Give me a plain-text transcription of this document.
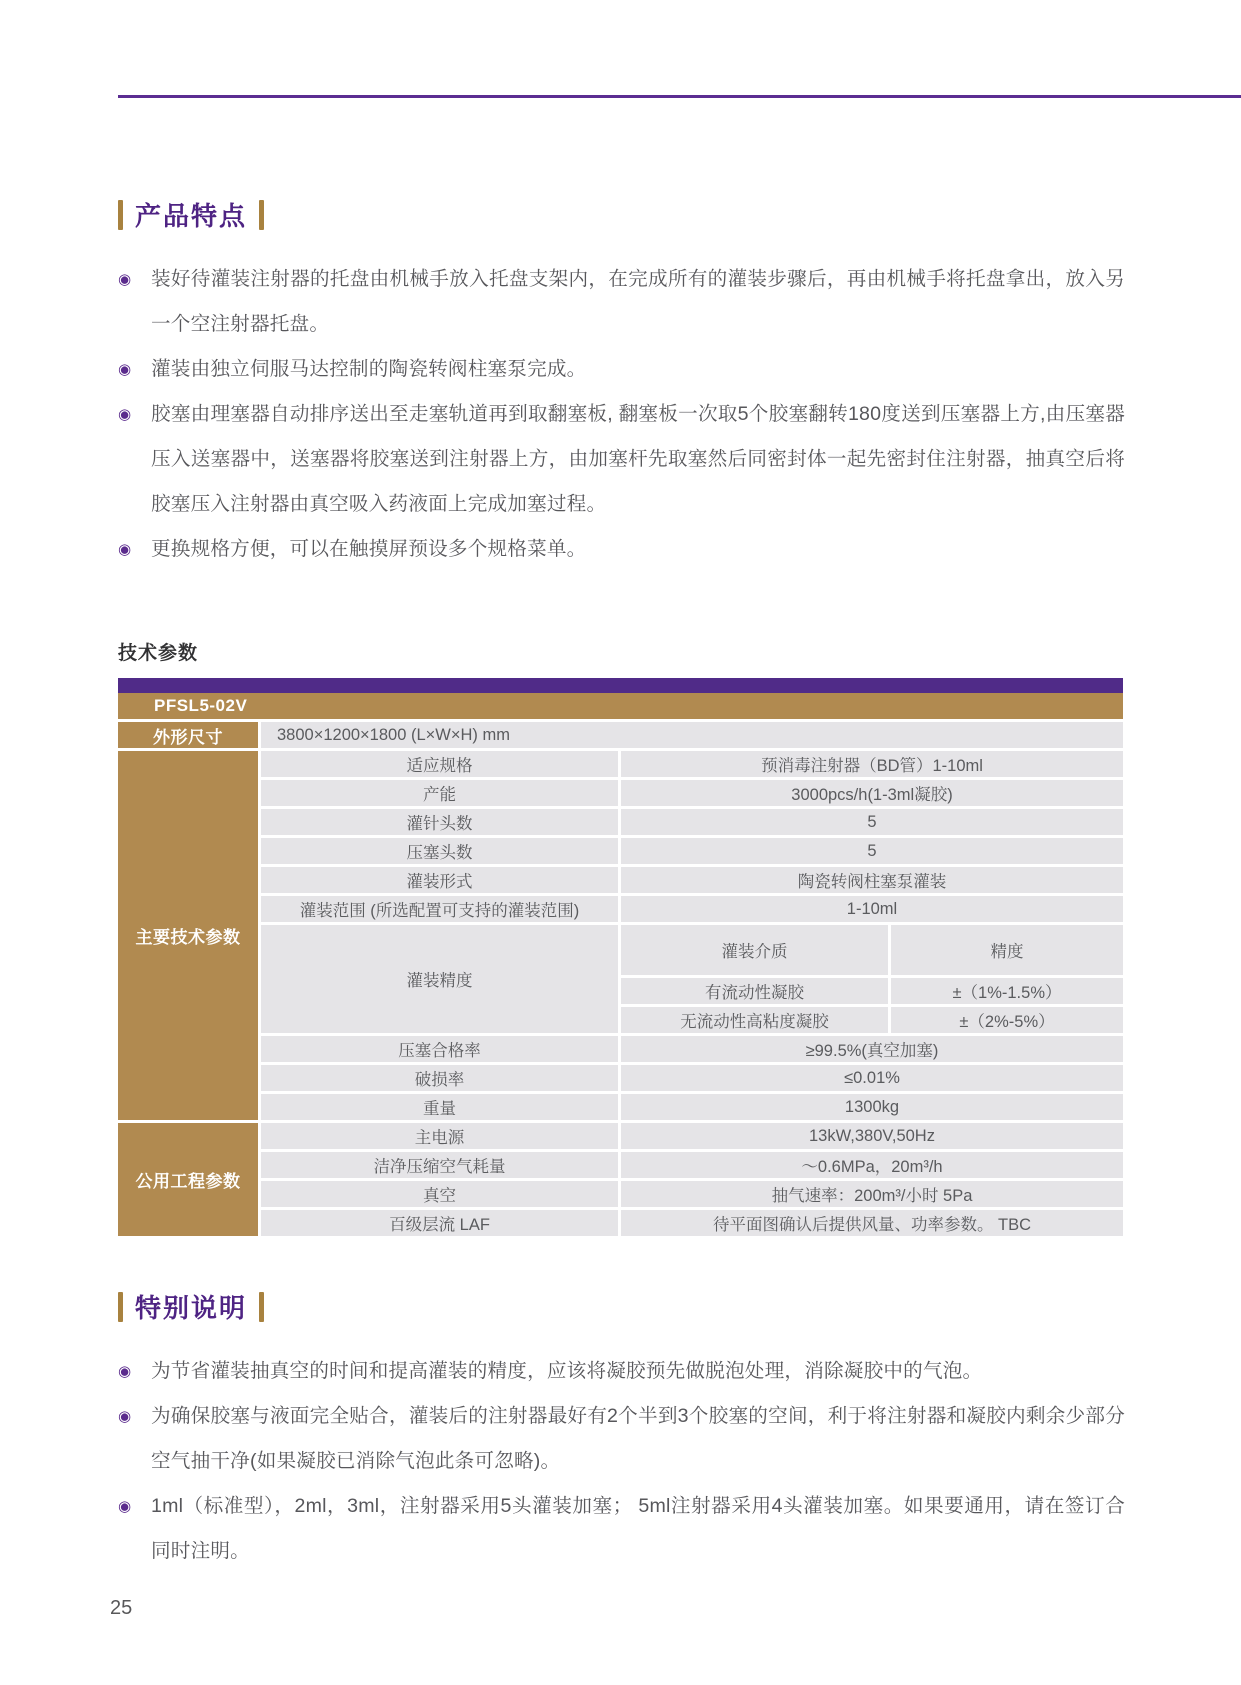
产品特点
◉	装好待灌装注射器的托盘由机械手放入托盘支架内，在完成所有的灌装步骤后，再由机械手将托盘拿出，放入另一个空注射器托盘。
◉	灌装由独立伺服马达控制的陶瓷转阀柱塞泵完成。
◉	胶塞由理塞器自动排序送出至走塞轨道再到取翻塞板, 翻塞板一次取5个胶塞翻转180度送到压塞器上方,由压塞器压入送塞器中，送塞器将胶塞送到注射器上方，由加塞杆先取塞然后同密封体一起先密封住注射器，抽真空后将胶塞压入注射器由真空吸入药液面上完成加塞过程。
◉	更换规格方便，可以在触摸屏预设多个规格菜单。
技术参数
PFSL5-02V
外形尺寸	3800×1200×1800 (L×W×H) mm
主要技术参数
适应规格	预消毒注射器（BD管）1-10ml
产能	3000pcs/h(1-3ml凝胶)
灌针头数	5
压塞头数	5
灌装形式	陶瓷转阀柱塞泵灌装
灌装范围 (所选配置可支持的灌装范围)	1-10ml
灌装精度
灌装介质	精度
有流动性凝胶	±（1%-1.5%）
无流动性高粘度凝胶	±（2%-5%）
压塞合格率	≥99.5%(真空加塞)
破损率	≤0.01%
重量	1300kg
公用工程参数
主电源	13kW,380V,50Hz
洁净压缩空气耗量	～0.6MPa，20m³/h
真空	抽气速率：200m³/小时 5Pa
百级层流 LAF	待平面图确认后提供风量、功率参数。 TBC
特别说明
◉	为节省灌装抽真空的时间和提高灌装的精度，应该将凝胶预先做脱泡处理，消除凝胶中的气泡。
◉	为确保胶塞与液面完全贴合，灌装后的注射器最好有2个半到3个胶塞的空间，利于将注射器和凝胶内剩余少部分空气抽干净(如果凝胶已消除气泡此条可忽略)。
◉	1ml（标准型），2ml，3ml，注射器采用5头灌装加塞； 5ml注射器采用4头灌装加塞。如果要通用，请在签订合同时注明。
25
